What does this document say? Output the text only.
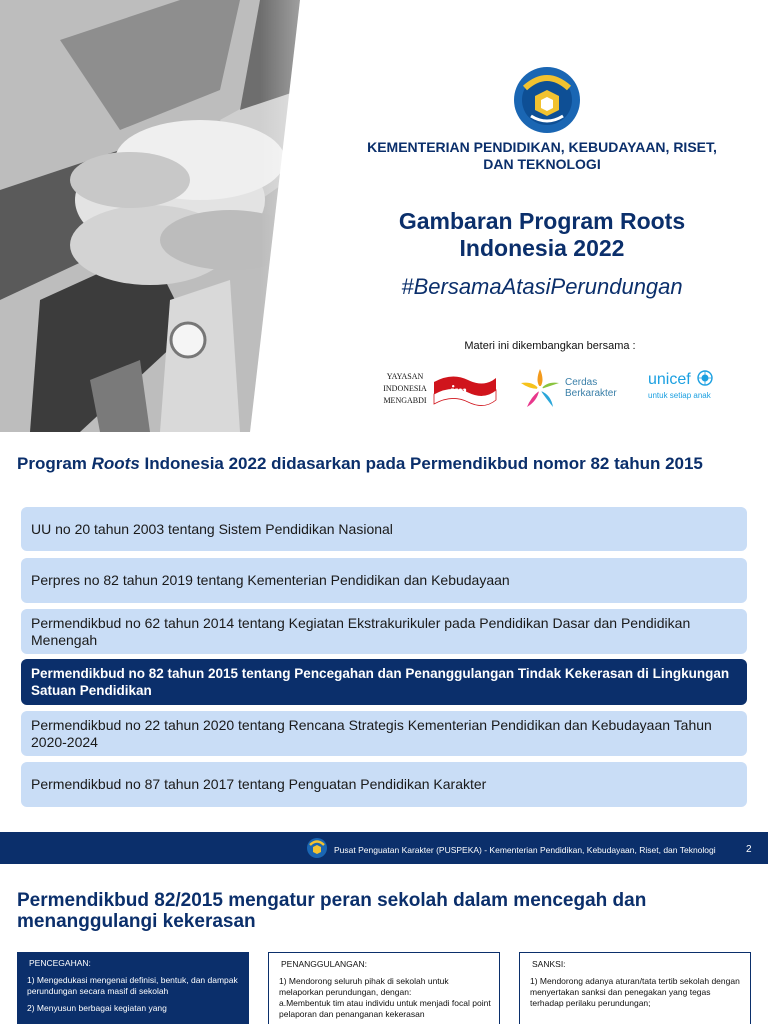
KEMENTERIAN PENDIDIKAN, KEBUDAYAAN, RISET,
DAN TEKNOLOGI
Gambaran Program Roots
Indonesia 2022
#BersamaAtasiPerundungan
Materi ini dikembangkan bersama :
YAYASAN
INDONESIA
MENGABDI
im
Cerdas
Berkarakter
unicef
untuk setiap anak
Program Roots Indonesia 2022 didasarkan pada Permendikbud nomor 82 tahun 2015
UU no 20 tahun 2003 tentang Sistem Pendidikan Nasional
Perpres no 82 tahun 2019 tentang Kementerian Pendidikan dan Kebudayaan
Permendikbud no 62 tahun 2014 tentang Kegiatan Ekstrakurikuler pada Pendidikan Dasar dan Pendidikan Menengah
Permendikbud no 82 tahun 2015 tentang Pencegahan dan Penanggulangan Tindak Kekerasan di Lingkungan Satuan Pendidikan
Permendikbud no 22 tahun 2020 tentang Rencana Strategis Kementerian Pendidikan dan Kebudayaan Tahun 2020-2024
Permendikbud no 87 tahun 2017 tentang Penguatan Pendidikan Karakter
Pusat Penguatan Karakter (PUSPEKA) - Kementerian Pendidikan, Kebudayaan, Riset, dan Teknologi	2
Permendikbud 82/2015 mengatur peran sekolah dalam mencegah dan
menanggulangi kekerasan
PENCEGAHAN:

1) Mengedukasi mengenai definisi, bentuk, dan dampak perundungan secara masif di sekolah

2) Menyusun berbagai kegiatan yang

PENANGGULANGAN:

1) Mendorong seluruh pihak di sekolah untuk melaporkan perundungan, dengan:

a.Membentuk tim atau individu untuk menjadi focal point pelaporan dan penanganan kekerasan

SANKSI:

1) Mendorong adanya aturan/tata tertib sekolah dengan menyertakan sanksi dan penegakan yang tegas terhadap perilaku perundungan;
